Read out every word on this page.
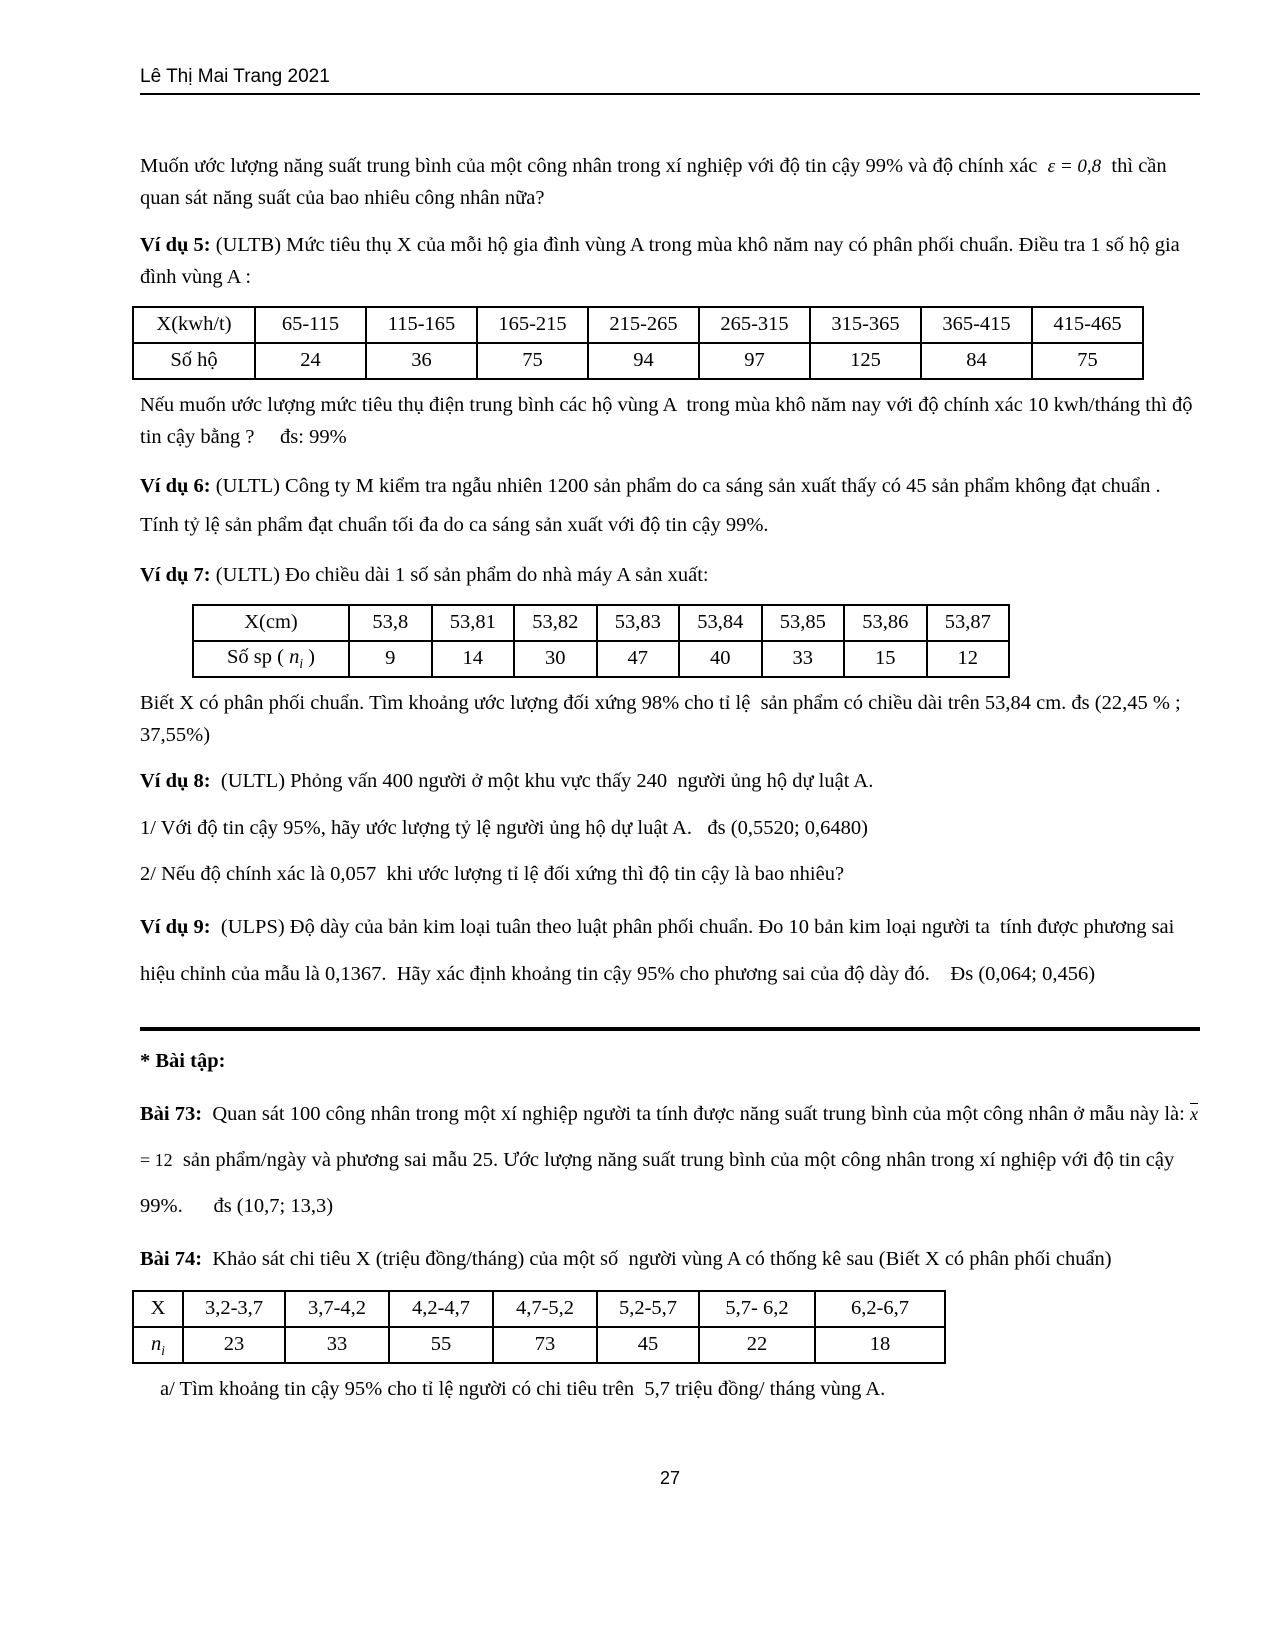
Lê Thị Mai Trang 2021

Muốn ước lượng năng suất trung bình của một công nhân trong xí nghiệp với độ tin cậy 99% và độ chính xác  ε = 0,8  thì cần quan sát năng suất của bao nhiêu công nhân nữa?

Ví dụ 5: (ULTB) Mức tiêu thụ X của mỗi hộ gia đình vùng A trong mùa khô năm nay có phân phối chuẩn. Điều tra 1 số hộ gia đình vùng A :

X(kwh/t)	65-115	115-165	165-215	215-265	265-315	315-365	365-415	415-465
Số hộ	24	36	75	94	97	125	84	75

Nếu muốn ước lượng mức tiêu thụ điện trung bình các hộ vùng A  trong mùa khô năm nay với độ chính xác 10 kwh/tháng thì độ tin cậy bằng ?     đs: 99%

Ví dụ 6: (ULTL) Công ty M kiểm tra ngẫu nhiên 1200 sản phẩm do ca sáng sản xuất thấy có 45 sản phẩm không đạt chuẩn . Tính tỷ lệ sản phẩm đạt chuẩn tối đa do ca sáng sản xuất với độ tin cậy 99%.

Ví dụ 7: (ULTL) Đo chiều dài 1 số sản phẩm do nhà máy A sản xuất:

X(cm)	53,8	53,81	53,82	53,83	53,84	53,85	53,86	53,87
Số sp ( $n_i$ )	9	14	30	47	40	33	15	12

Biết X có phân phối chuẩn. Tìm khoảng ước lượng đối xứng 98% cho tỉ lệ  sản phẩm có chiều dài trên 53,84 cm. đs (22,45 % ;   37,55%)

Ví dụ 8:  (ULTL) Phỏng vấn 400 người ở một khu vực thấy 240  người ủng hộ dự luật A.

1/ Với độ tin cậy 95%, hãy ước lượng tỷ lệ người ủng hộ dự luật A.   đs (0,5520; 0,6480)

2/ Nếu độ chính xác là 0,057  khi ước lượng tỉ lệ đối xứng thì độ tin cậy là bao nhiêu?

Ví dụ 9:  (ULPS) Độ dày của bản kim loại tuân theo luật phân phối chuẩn. Đo 10 bản kim loại người ta  tính được phương sai hiệu chỉnh của mẫu là 0,1367.  Hãy xác định khoảng tin cậy 95% cho phương sai của độ dày đó.    Đs (0,064; 0,456)

* Bài tập:

Bài 73:  Quan sát 100 công nhân trong một xí nghiệp người ta tính được năng suất trung bình của một công nhân ở mẫu này là: $\overline{x} = 12$  sản phẩm/ngày và phương sai mẫu 25. Ước lượng năng suất trung bình của một công nhân trong xí nghiệp với độ tin cậy 99%.      đs (10,7; 13,3)

Bài 74:  Khảo sát chi tiêu X (triệu đồng/tháng) của một số  người vùng A có thống kê sau (Biết X có phân phối chuẩn)

X	3,2-3,7	3,7-4,2	4,2-4,7	4,7-5,2	5,2-5,7	5,7- 6,2	6,2-6,7
$n_i$	23	33	55	73	45	22	18

a/ Tìm khoảng tin cậy 95% cho tỉ lệ người có chi tiêu trên  5,7 triệu đồng/ tháng vùng A.

27
